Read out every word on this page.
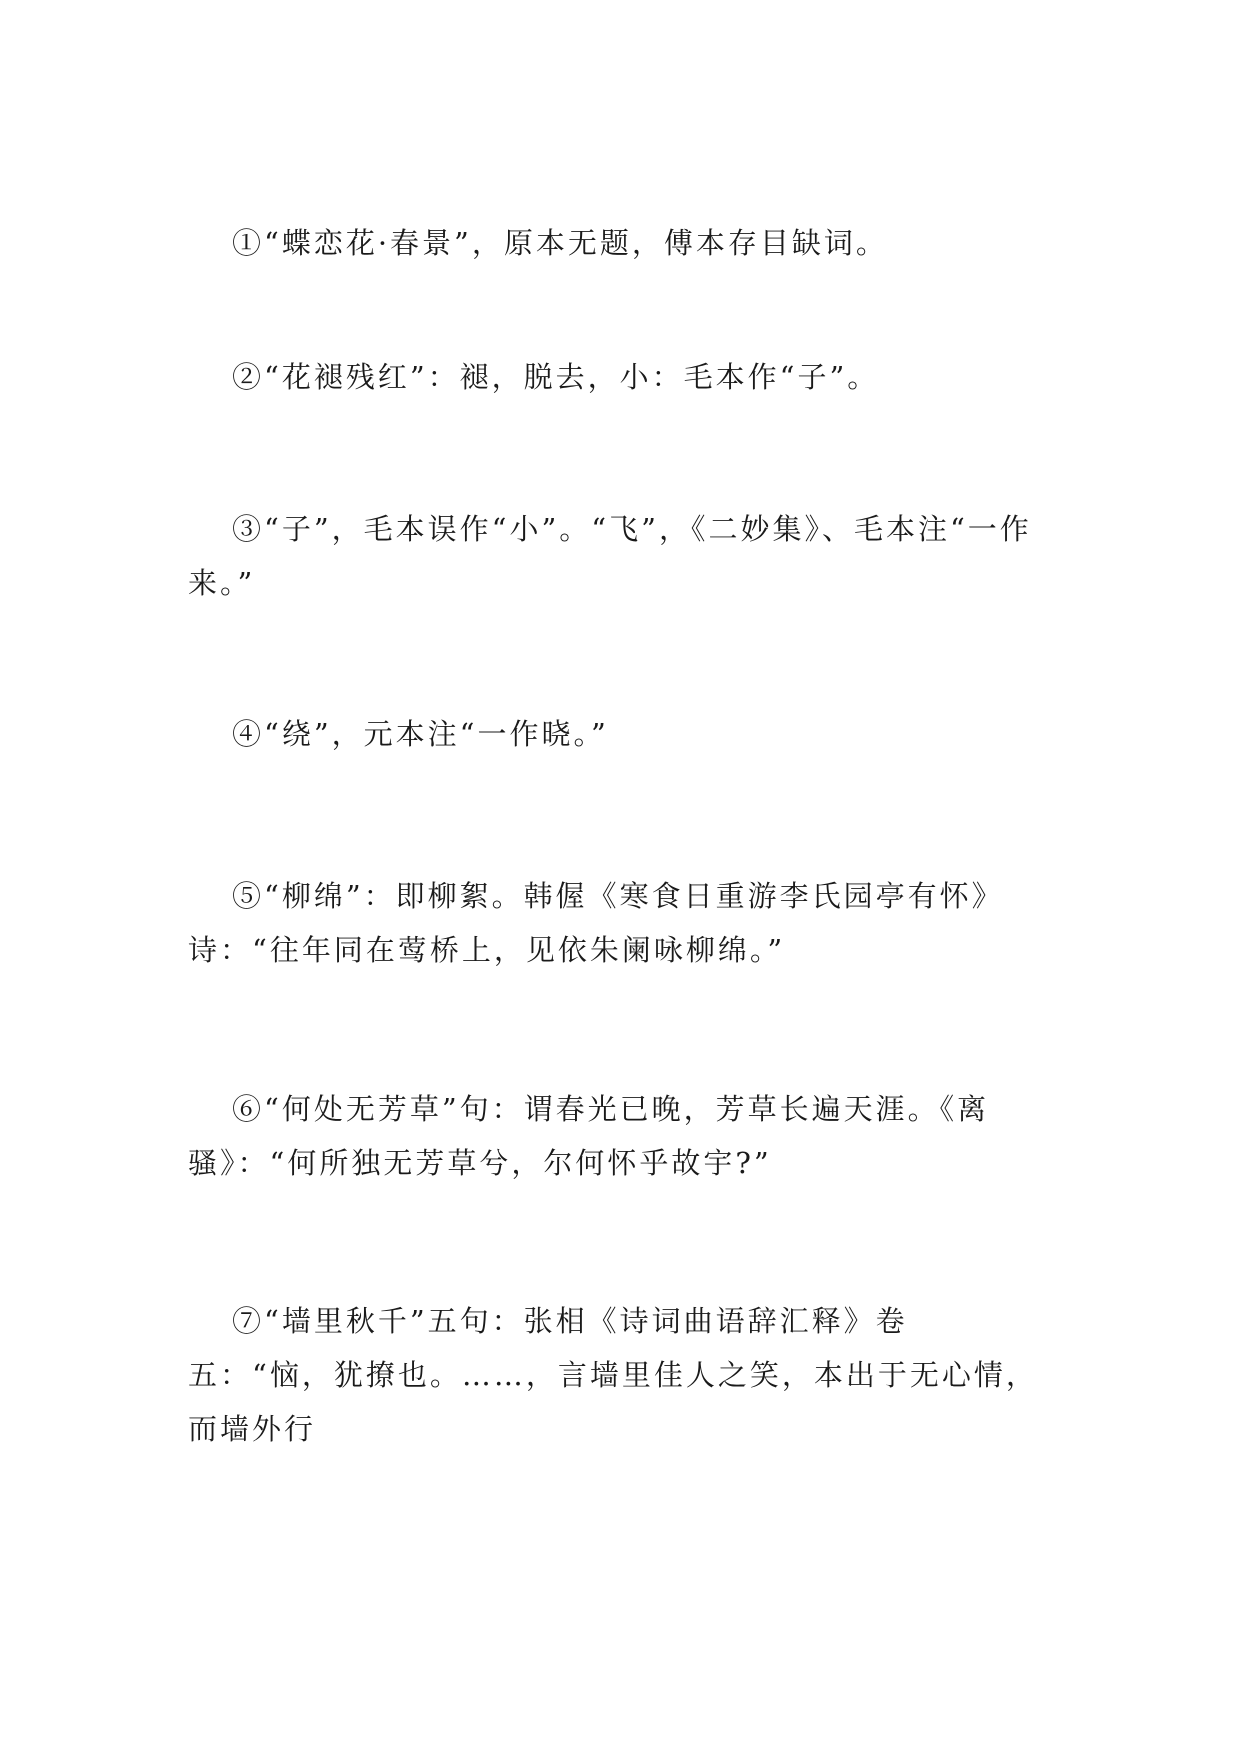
①“蝶恋花·春景”，原本无题，傅本存目缺词。

②“花褪残红”：褪，脱去，小：毛本作“子”。

③“子”，毛本误作“小”。“飞”，《二妙集》、毛本注“一作来。”

④“绕”，元本注“一作晓。”

⑤“柳绵”：即柳絮。韩偓《寒食日重游李氏园亭有怀》诗：“往年同在莺桥上，见依朱阑咏柳绵。”

⑥“何处无芳草”句：谓春光已晚，芳草长遍天涯。《离骚》：“何所独无芳草兮，尔何怀乎故宇?”

⑦“墙里秋千”五句：张相《诗词曲语辞汇释》卷五：“恼，犹撩也。……，言墙里佳人之笑，本出于无心情，而墙外行
